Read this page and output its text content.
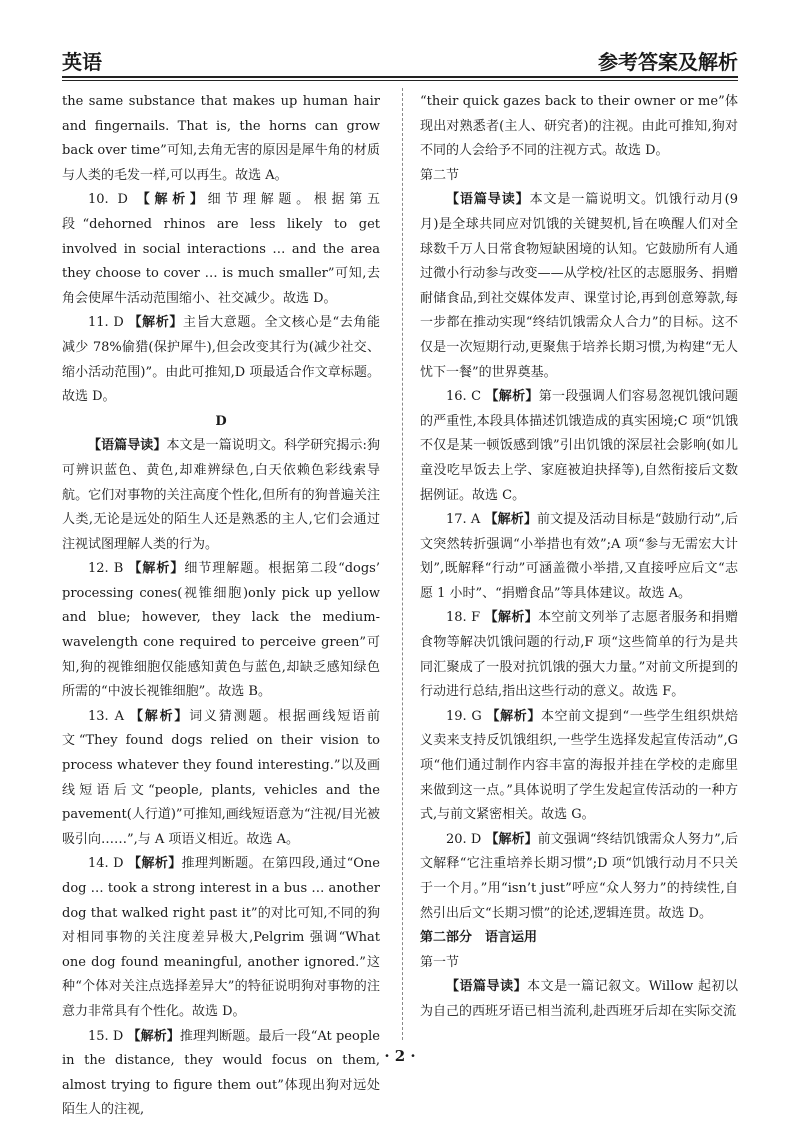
英语	参考答案及解析

the same substance that makes up human hair and fingernails. That is, the horns can grow back over time”可知,去角无害的原因是犀牛角的材质与人类的毛发一样,可以再生。故选 A。

10. D 【解析】细节理解题。根据第五段“dehorned rhinos are less likely to get involved in social interactions … and the area they choose to cover … is much smaller”可知,去角会使犀牛活动范围缩小、社交减少。故选 D。

11. D 【解析】主旨大意题。全文核心是“去角能减少 78%偷猎(保护犀牛),但会改变其行为(减少社交、缩小活动范围)”。由此可推知,D 项最适合作文章标题。故选 D。

D

【语篇导读】本文是一篇说明文。科学研究揭示:狗可辨识蓝色、黄色,却难辨绿色,白天依赖色彩线索导航。它们对事物的关注高度个性化,但所有的狗普遍关注人类,无论是远处的陌生人还是熟悉的主人,它们会通过注视试图理解人类的行为。

12. B 【解析】细节理解题。根据第二段“dogs’ processing cones(视锥细胞)only pick up yellow and blue; however, they lack the medium-wavelength cone required to perceive green”可知,狗的视锥细胞仅能感知黄色与蓝色,却缺乏感知绿色所需的“中波长视锥细胞”。故选 B。

13. A 【解析】词义猜测题。根据画线短语前文“They found dogs relied on their vision to process whatever they found interesting.”以及画线短语后文“people, plants, vehicles and the pavement(人行道)”可推知,画线短语意为“注视/目光被吸引向……”,与 A 项语义相近。故选 A。

14. D 【解析】推理判断题。在第四段,通过“One dog … took a strong interest in a bus … another dog that walked right past it”的对比可知,不同的狗对相同事物的关注度差异极大,Pelgrim 强调“What one dog found meaningful, another ignored.”这种“个体对关注点选择差异大”的特征说明狗对事物的注意力非常具有个性化。故选 D。

15. D 【解析】推理判断题。最后一段“At people in the distance, they would focus on them, almost trying to figure them out”体现出狗对远处陌生人的注视,

“their quick gazes back to their owner or me”体现出对熟悉者(主人、研究者)的注视。由此可推知,狗对不同的人会给予不同的注视方式。故选 D。

第二节

【语篇导读】本文是一篇说明文。饥饿行动月(9 月)是全球共同应对饥饿的关键契机,旨在唤醒人们对全球数千万人日常食物短缺困境的认知。它鼓励所有人通过微小行动参与改变——从学校/社区的志愿服务、捐赠耐储食品,到社交媒体发声、课堂讨论,再到创意筹款,每一步都在推动实现“终结饥饿需众人合力”的目标。这不仅是一次短期行动,更聚焦于培养长期习惯,为构建“无人忧下一餐”的世界奠基。

16. C 【解析】第一段强调人们容易忽视饥饿问题的严重性,本段具体描述饥饿造成的真实困境;C 项“饥饿不仅是某一顿饭感到饿”引出饥饿的深层社会影响(如儿童没吃早饭去上学、家庭被迫抉择等),自然衔接后文数据例证。故选 C。

17. A 【解析】前文提及活动目标是“鼓励行动”,后文突然转折强调“小举措也有效”;A 项“参与无需宏大计划”,既解释“行动”可涵盖微小举措,又直接呼应后文“志愿 1 小时”、“捐赠食品”等具体建议。故选 A。

18. F 【解析】本空前文列举了志愿者服务和捐赠食物等解决饥饿问题的行动,F 项“这些简单的行为是共同汇聚成了一股对抗饥饿的强大力量。”对前文所提到的行动进行总结,指出这些行动的意义。故选 F。

19. G 【解析】本空前文提到“一些学生组织烘焙义卖来支持反饥饿组织,一些学生选择发起宣传活动”,G 项“他们通过制作内容丰富的海报并挂在学校的走廊里来做到这一点。”具体说明了学生发起宣传活动的一种方式,与前文紧密相关。故选 G。

20. D 【解析】前文强调“终结饥饿需众人努力”,后文解释“它注重培养长期习惯”;D 项“饥饿行动月不只关于一个月。”用“isn’t just”呼应“众人努力”的持续性,自然引出后文“长期习惯”的论述,逻辑连贯。故选 D。

第二部分　语言运用

第一节

【语篇导读】本文是一篇记叙文。Willow 起初以为自己的西班牙语已相当流利,赴西班牙后却在实际交流

· 2 ·
